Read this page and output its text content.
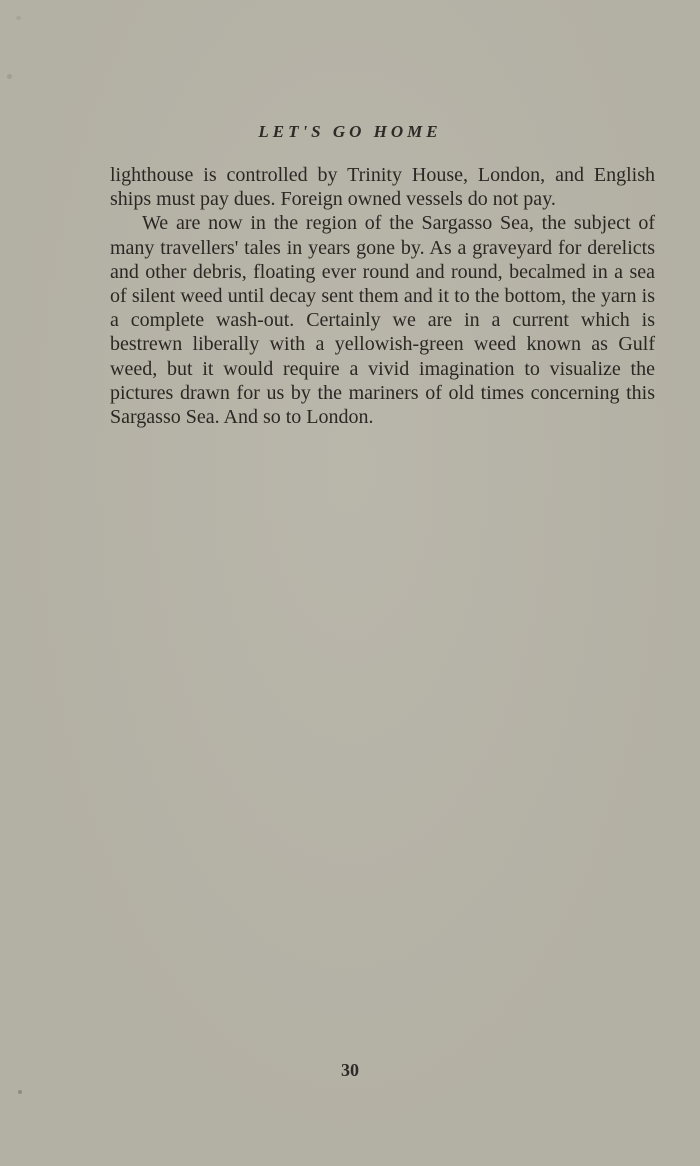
LET'S GO HOME

lighthouse is controlled by Trinity House, London, and English ships must pay dues. Foreign owned vessels do not pay.

We are now in the region of the Sargasso Sea, the subject of many travellers' tales in years gone by. As a graveyard for derelicts and other debris, floating ever round and round, becalmed in a sea of silent weed until decay sent them and it to the bottom, the yarn is a complete wash-out. Certainly we are in a current which is bestrewn liberally with a yellowish-green weed known as Gulf weed, but it would require a vivid imagination to visualize the pictures drawn for us by the mariners of old times concerning this Sargasso Sea. And so to London.

30
